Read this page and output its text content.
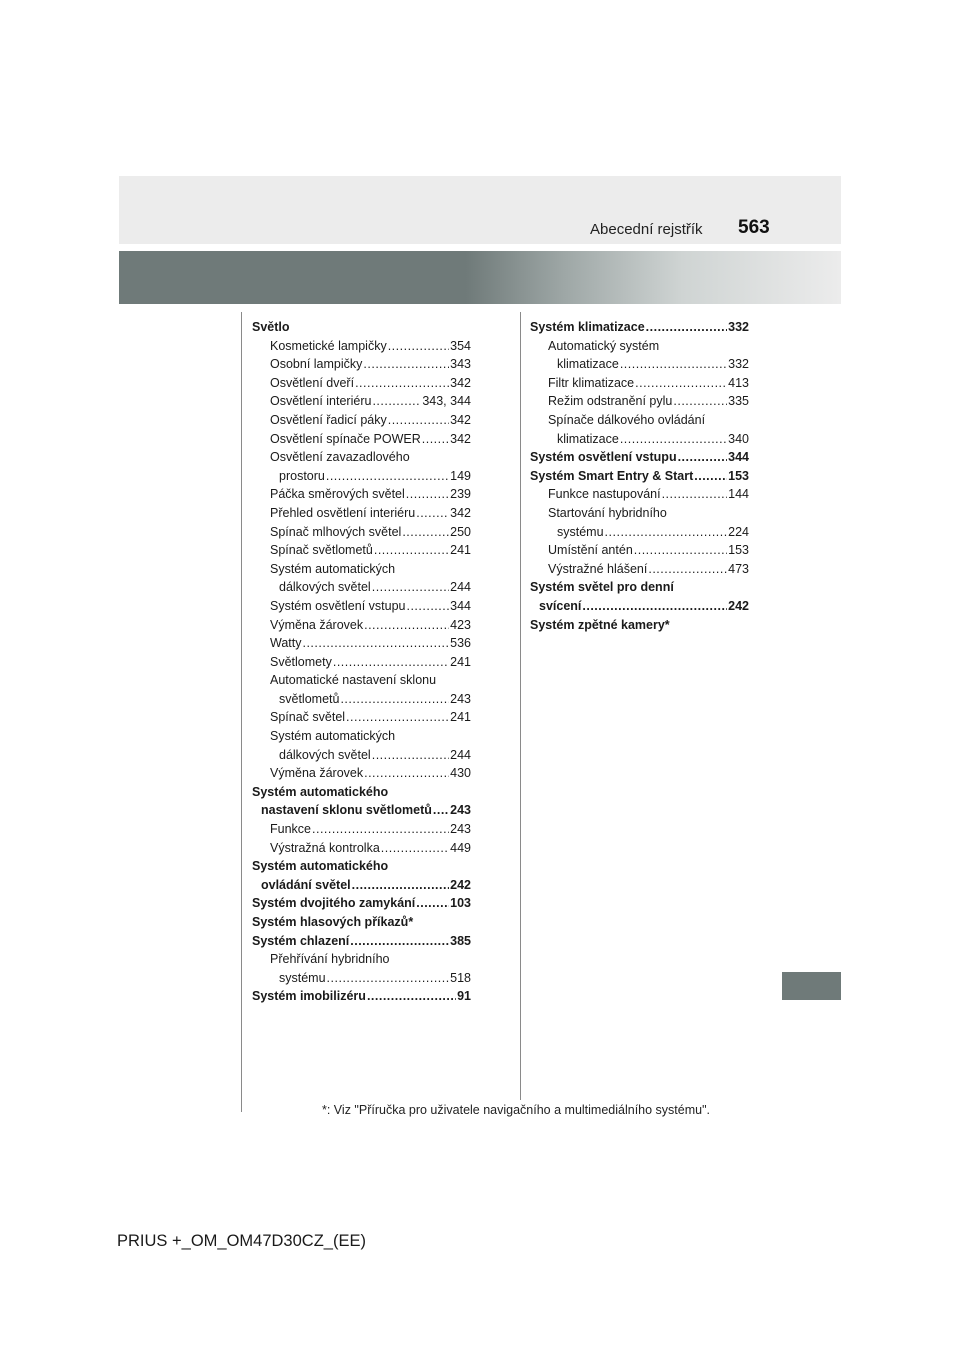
Abecední rejstřík 563
Světlo
Kosmetické lampičky .....	354
Osobní lampičky .....	343
Osvětlení dveří .....	342
Osvětlení interiéru .....	343, 344
Osvětlení řadicí páky .....	342
Osvětlení spínače POWER ..... 342
Osvětlení zavazadlového
prostoru .....	149
Páčka směrových světel .....	239
Přehled osvětlení interiéru .....	342
Spínač mlhových světel .....	250
Spínač světlometů .....	241
Systém automatických
dálkových světel .....	244
Systém osvětlení vstupu .....	344
Výměna žárovek .....	423
Watty .....	536
Světlomety .....	241
Automatické nastavení sklonu
světlometů .....	243
Spínač světel .....	241
Systém automatických
dálkových světel .....	244
Výměna žárovek .....	430
Systém automatického
nastavení sklonu světlometů ..... 243
Funkce .....	243
Výstražná kontrolka .....	449
Systém automatického
ovládání světel .....	242
Systém dvojitého zamykání .....	103
Systém hlasových příkazů*
Systém chlazení .....	385
Přehřívání hybridního
systému .....	518
Systém imobilizéru .....	91
Systém klimatizace .....	332
Automatický systém
klimatizace .....	332
Filtr klimatizace .....	413
Režim odstranění pylu .....	335
Spínače dálkového ovládání
klimatizace .....	340
Systém osvětlení vstupu .....	344
Systém Smart Entry & Start .....	153
Funkce nastupování .....	144
Startování hybridního
systému .....	224
Umístění antén .....	153
Výstražné hlášení .....	473
Systém světel pro denní
svícení .....	242
Systém zpětné kamery*
*: Viz "Příručka pro uživatele navigačního a multimediálního systému".
PRIUS +_OM_OM47D30CZ_(EE)
